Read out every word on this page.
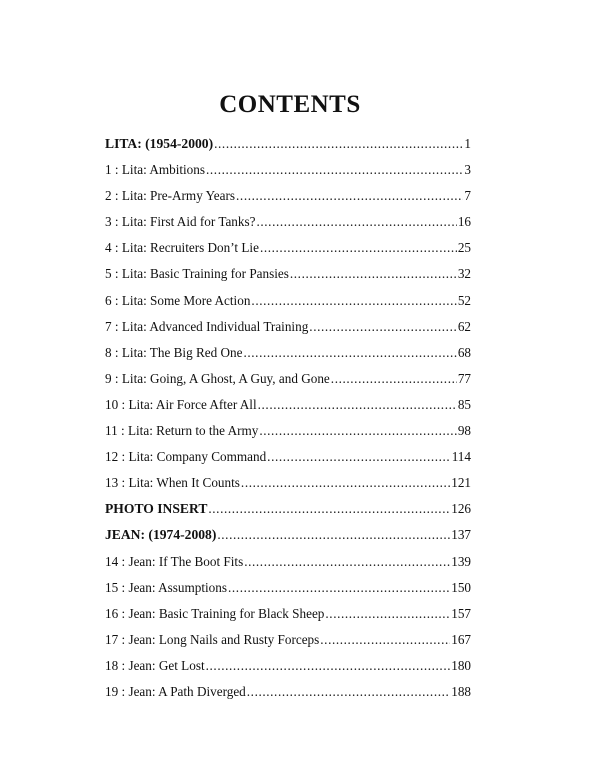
CONTENTS
LITA: (1954-2000) .....	1
1 : Lita: Ambitions .....	3
2 : Lita: Pre-Army Years .....	7
3 : Lita: First Aid for Tanks? .....	16
4 : Lita: Recruiters Don’t Lie .....	25
5 : Lita: Basic Training for Pansies .....	32
6 : Lita: Some More Action .....	52
7 : Lita: Advanced Individual Training .....	62
8 : Lita: The Big Red One .....	68
9 : Lita: Going, A Ghost, A Guy, and Gone .....	77
10 : Lita: Air Force After All .....	85
11 : Lita: Return to the Army .....	98
12 : Lita: Company Command .....	114
13 : Lita: When It Counts .....	121
PHOTO INSERT .....	126
JEAN: (1974-2008) .....	137
14 : Jean: If The Boot Fits .....	139
15 : Jean: Assumptions .....	150
16 : Jean: Basic Training for Black Sheep .....	157
17 : Jean: Long Nails and Rusty Forceps .....	167
18 : Jean: Get Lost .....	180
19 : Jean: A Path Diverged .....	188
